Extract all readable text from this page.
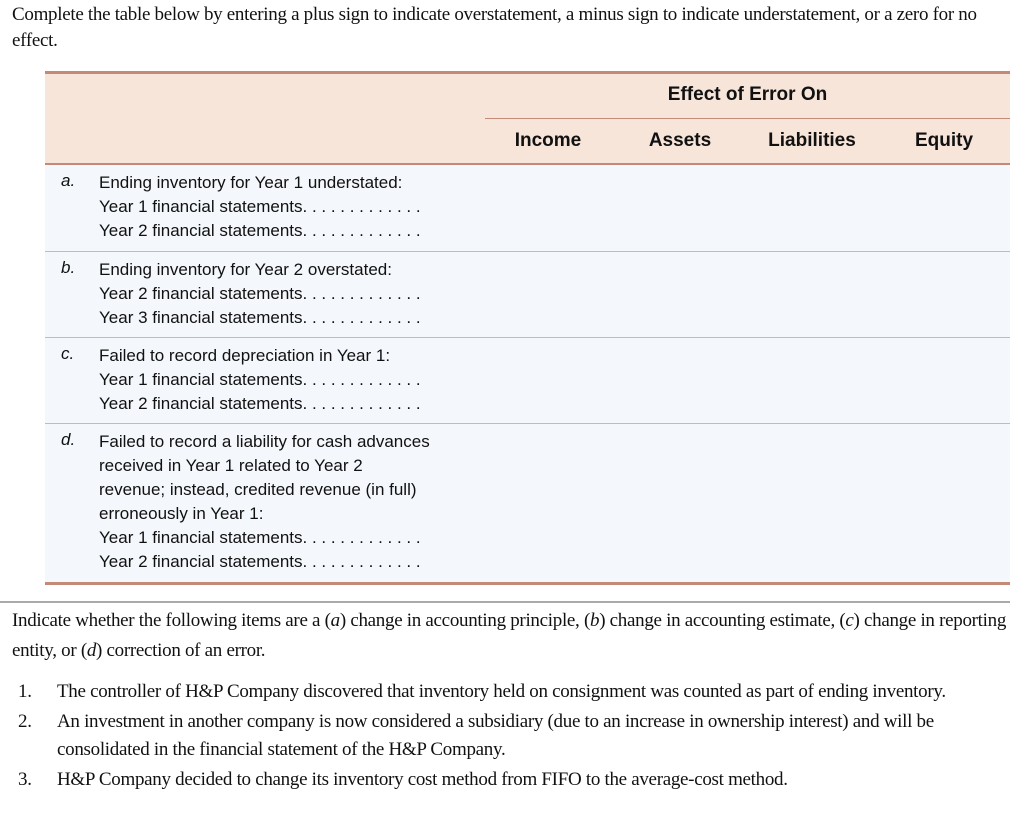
Complete the table below by entering a plus sign to indicate overstatement, a minus sign to indicate understatement, or a zero for no effect.
Effect of Error On
Income	Assets	Liabilities	Equity
a. Ending inventory for Year 1 understated:
Year 1 financial statements. . . . . . . . . . . . .
Year 2 financial statements. . . . . . . . . . . . .
b. Ending inventory for Year 2 overstated:
Year 2 financial statements. . . . . . . . . . . . .
Year 3 financial statements. . . . . . . . . . . . .
c. Failed to record depreciation in Year 1:
Year 1 financial statements. . . . . . . . . . . . .
Year 2 financial statements. . . . . . . . . . . . .
d. Failed to record a liability for cash advances
received in Year 1 related to Year 2
revenue; instead, credited revenue (in full)
erroneously in Year 1:
Year 1 financial statements. . . . . . . . . . . . .
Year 2 financial statements. . . . . . . . . . . . .
Indicate whether the following items are a (a) change in accounting principle, (b) change in accounting estimate, (c) change in reporting entity, or (d) correction of an error.
1. The controller of H&P Company discovered that inventory held on consignment was counted as part of ending inventory.
2. An investment in another company is now considered a subsidiary (due to an increase in ownership interest) and will be consolidated in the financial statement of the H&P Company.
3. H&P Company decided to change its inventory cost method from FIFO to the average-cost method.
